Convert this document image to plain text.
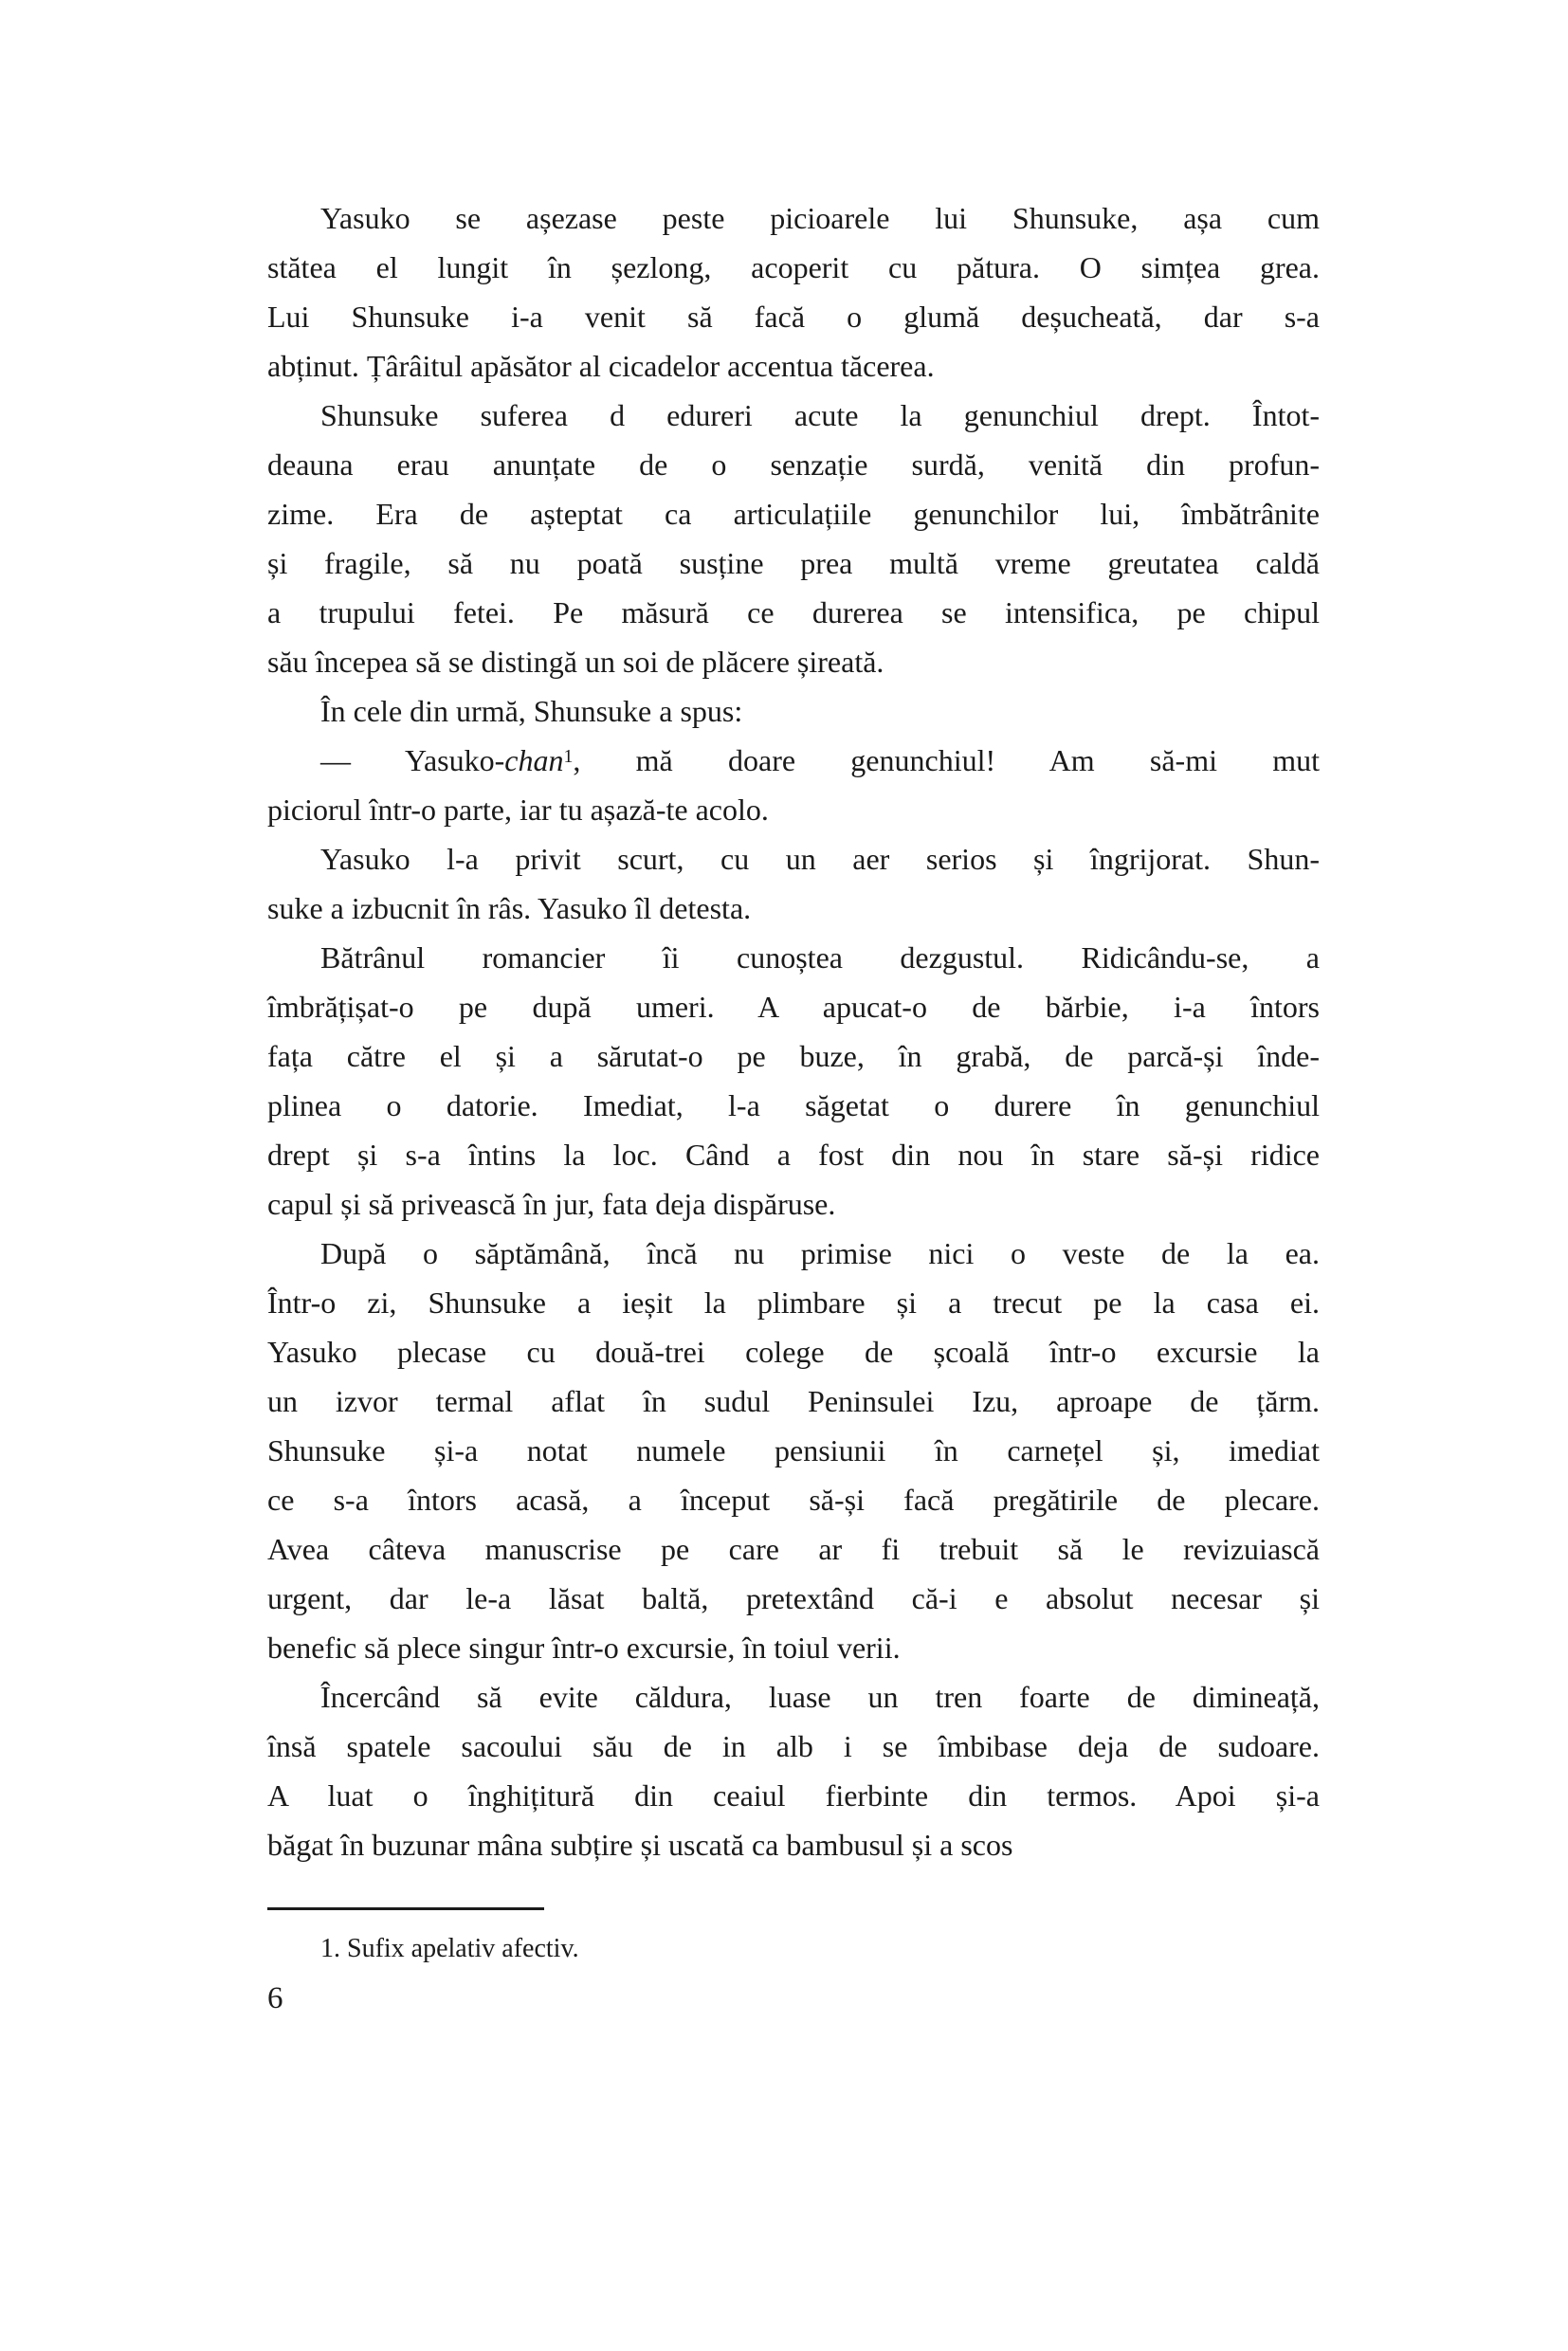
Yasuko se așezase peste picioarele lui Shunsuke, așa cum
stătea el lungit în șezlong, acoperit cu pătura. O simțea grea.
Lui Shunsuke i-a venit să facă o glumă deșucheată, dar s-a
abținut. Țârâitul apăsător al cicadelor accentua tăcerea.
Shunsuke suferea d edureri acute la genunchiul drept. Întot-
deauna erau anunțate de o senzație surdă, venită din profun-
zime. Era de așteptat ca articulațiile genunchilor lui, îmbătrânite
și fragile, să nu poată susține prea multă vreme greutatea caldă
a trupului fetei. Pe măsură ce durerea se intensifica, pe chipul
său începea să se distingă un soi de plăcere șireată.
În cele din urmă, Shunsuke a spus:
— Yasuko-chan$^1$, mă doare genunchiul! Am să-mi mut
piciorul într-o parte, iar tu așază-te acolo.
Yasuko l-a privit scurt, cu un aer serios și îngrijorat. Shun-
suke a izbucnit în râs. Yasuko îl detesta.
Bătrânul romancier îi cunoștea dezgustul. Ridicându-se, a
îmbrățișat-o pe după umeri. A apucat-o de bărbie, i-a întors
fața către el și a sărutat-o pe buze, în grabă, de parcă-și înde-
plinea o datorie. Imediat, l-a săgetat o durere în genunchiul
drept și s-a întins la loc. Când a fost din nou în stare să-și ridice
capul și să privească în jur, fata deja dispăruse.
După o săptămână, încă nu primise nici o veste de la ea.
Într-o zi, Shunsuke a ieșit la plimbare și a trecut pe la casa ei.
Yasuko plecase cu două-trei colege de școală într-o excursie la
un izvor termal aflat în sudul Peninsulei Izu, aproape de țărm.
Shunsuke și-a notat numele pensiunii în carnețel și, imediat
ce s-a întors acasă, a început să-și facă pregătirile de plecare.
Avea câteva manuscrise pe care ar fi trebuit să le revizuiască
urgent, dar le-a lăsat baltă, pretextând că-i e absolut necesar și
benefic să plece singur într-o excursie, în toiul verii.
Încercând să evite căldura, luase un tren foarte de dimineață,
însă spatele sacoului său de in alb i se îmbibase deja de sudoare.
A luat o înghițitură din ceaiul fierbinte din termos. Apoi și-a
băgat în buzunar mâna subțire și uscată ca bambusul și a scos
1. Sufix apelativ afectiv.
6
